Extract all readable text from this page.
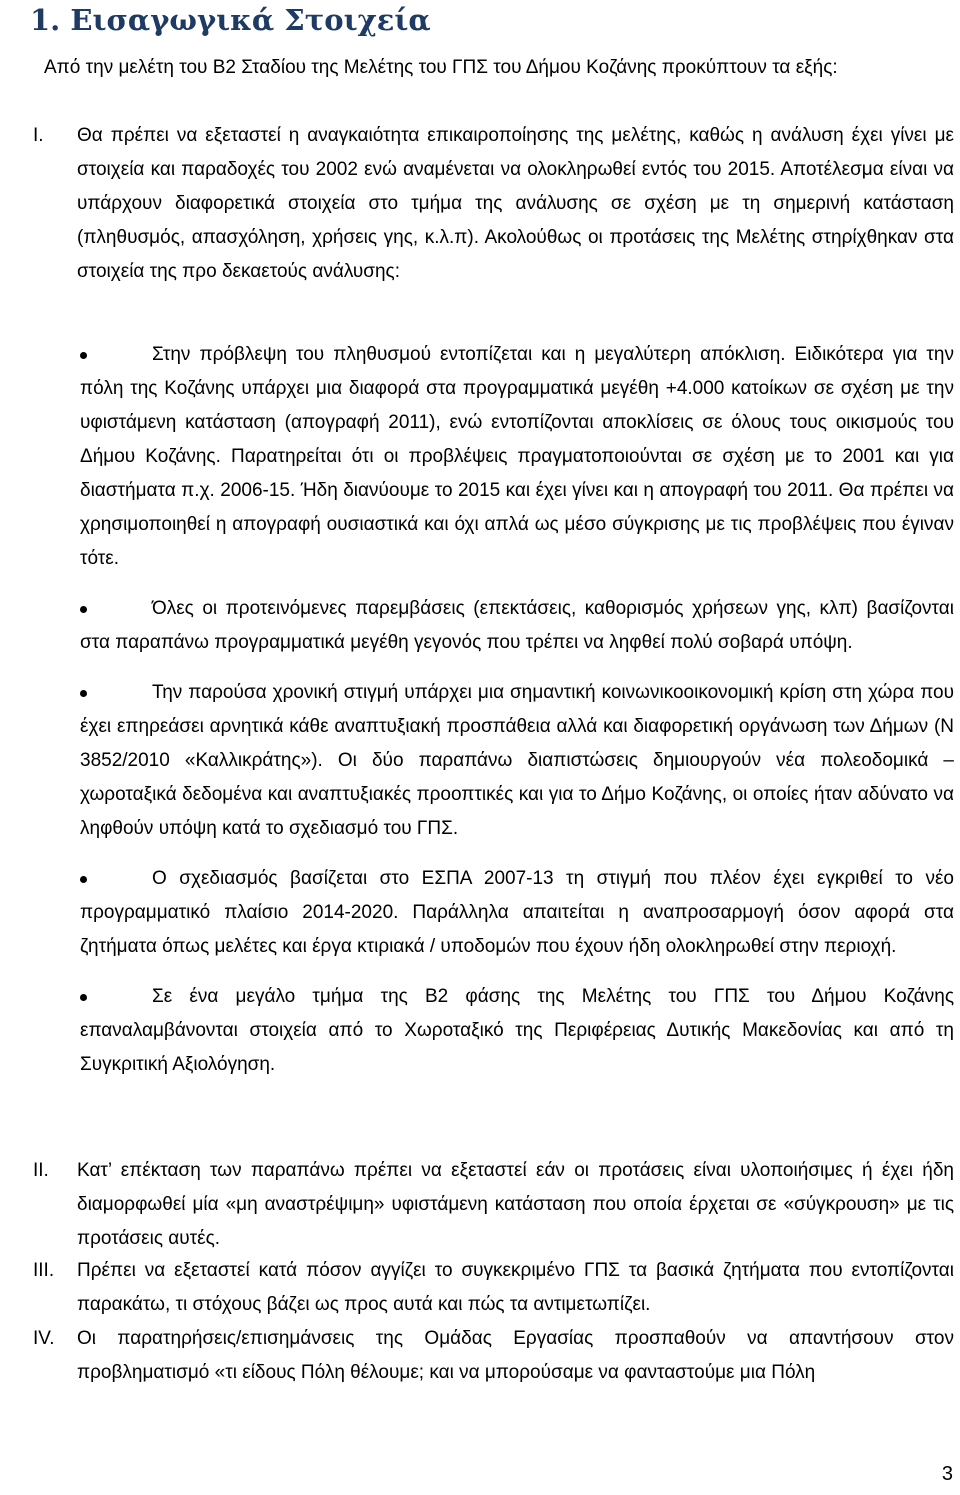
1. Εισαγωγικά Στοιχεία
Από την μελέτη του Β2 Σταδίου της Μελέτης του ΓΠΣ του Δήμου Κοζάνης προκύπτουν τα εξής:
I.	Θα πρέπει να εξεταστεί η αναγκαιότητα επικαιροποίησης της μελέτης, καθώς η ανάλυση έχει γίνει με στοιχεία και παραδοχές του 2002 ενώ αναμένεται να ολοκληρωθεί εντός του 2015. Αποτέλεσμα είναι να υπάρχουν διαφορετικά στοιχεία στο τμήμα της ανάλυσης σε σχέση με τη σημερινή κατάσταση (πληθυσμός, απασχόληση, χρήσεις γης, κ.λ.π). Ακολούθως οι προτάσεις της Μελέτης στηρίχθηκαν στα στοιχεία της προ δεκαετούς ανάλυσης:
Στην πρόβλεψη του πληθυσμού εντοπίζεται και η μεγαλύτερη απόκλιση. Ειδικότερα για την πόλη της Κοζάνης υπάρχει μια διαφορά στα προγραμματικά μεγέθη +4.000 κατοίκων σε σχέση με την υφιστάμενη κατάσταση (απογραφή 2011), ενώ εντοπίζονται αποκλίσεις σε όλους τους οικισμούς του Δήμου Κοζάνης. Παρατηρείται ότι οι προβλέψεις πραγματοποιούνται σε σχέση με το 2001 και για διαστήματα π.χ. 2006-15. Ήδη διανύουμε το 2015 και έχει γίνει και η απογραφή του 2011. Θα πρέπει να χρησιμοποιηθεί η απογραφή ουσιαστικά και όχι απλά ως μέσο σύγκρισης με τις προβλέψεις που έγιναν τότε.
Όλες οι προτεινόμενες παρεμβάσεις (επεκτάσεις, καθορισμός χρήσεων γης, κλπ) βασίζονται στα παραπάνω προγραμματικά μεγέθη γεγονός που τρέπει να ληφθεί πολύ σοβαρά υπόψη.
Την παρούσα χρονική στιγμή υπάρχει μια σημαντική κοινωνικοοικονομική κρίση στη χώρα που έχει επηρεάσει αρνητικά κάθε αναπτυξιακή προσπάθεια αλλά και διαφορετική οργάνωση των Δήμων (Ν 3852/2010 «Καλλικράτης»). Οι δύο παραπάνω διαπιστώσεις δημιουργούν νέα πολεοδομικά – χωροταξικά δεδομένα και αναπτυξιακές προοπτικές και για το Δήμο Κοζάνης, οι οποίες ήταν αδύνατο να ληφθούν υπόψη κατά το σχεδιασμό του ΓΠΣ.
Ο σχεδιασμός βασίζεται στο ΕΣΠΑ 2007-13 τη στιγμή που πλέον έχει εγκριθεί το νέο προγραμματικό πλαίσιο 2014-2020. Παράλληλα απαιτείται η αναπροσαρμογή όσον αφορά στα ζητήματα όπως μελέτες και έργα κτιριακά / υποδομών που έχουν ήδη ολοκληρωθεί στην περιοχή.
Σε ένα μεγάλο τμήμα της Β2 φάσης της Μελέτης του ΓΠΣ του Δήμου Κοζάνης επαναλαμβάνονται στοιχεία από το Χωροταξικό της Περιφέρειας Δυτικής Μακεδονίας και από τη Συγκριτική Αξιολόγηση.
II.	Κατ’ επέκταση των παραπάνω πρέπει να εξεταστεί εάν οι προτάσεις είναι υλοποιήσιμες ή έχει ήδη διαμορφωθεί μία «μη αναστρέψιμη» υφιστάμενη κατάσταση που οποία έρχεται σε «σύγκρουση» με τις προτάσεις αυτές.
III.	Πρέπει να εξεταστεί κατά πόσον αγγίζει το συγκεκριμένο ΓΠΣ τα βασικά ζητήματα που εντοπίζονται παρακάτω, τι στόχους βάζει ως προς αυτά και πώς τα αντιμετωπίζει.
IV.	Οι παρατηρήσεις/επισημάνσεις της Ομάδας Εργασίας προσπαθούν να απαντήσουν στον προβληματισμό «τι είδους Πόλη θέλουμε; και να μπορούσαμε να φανταστούμε μια Πόλη
3
